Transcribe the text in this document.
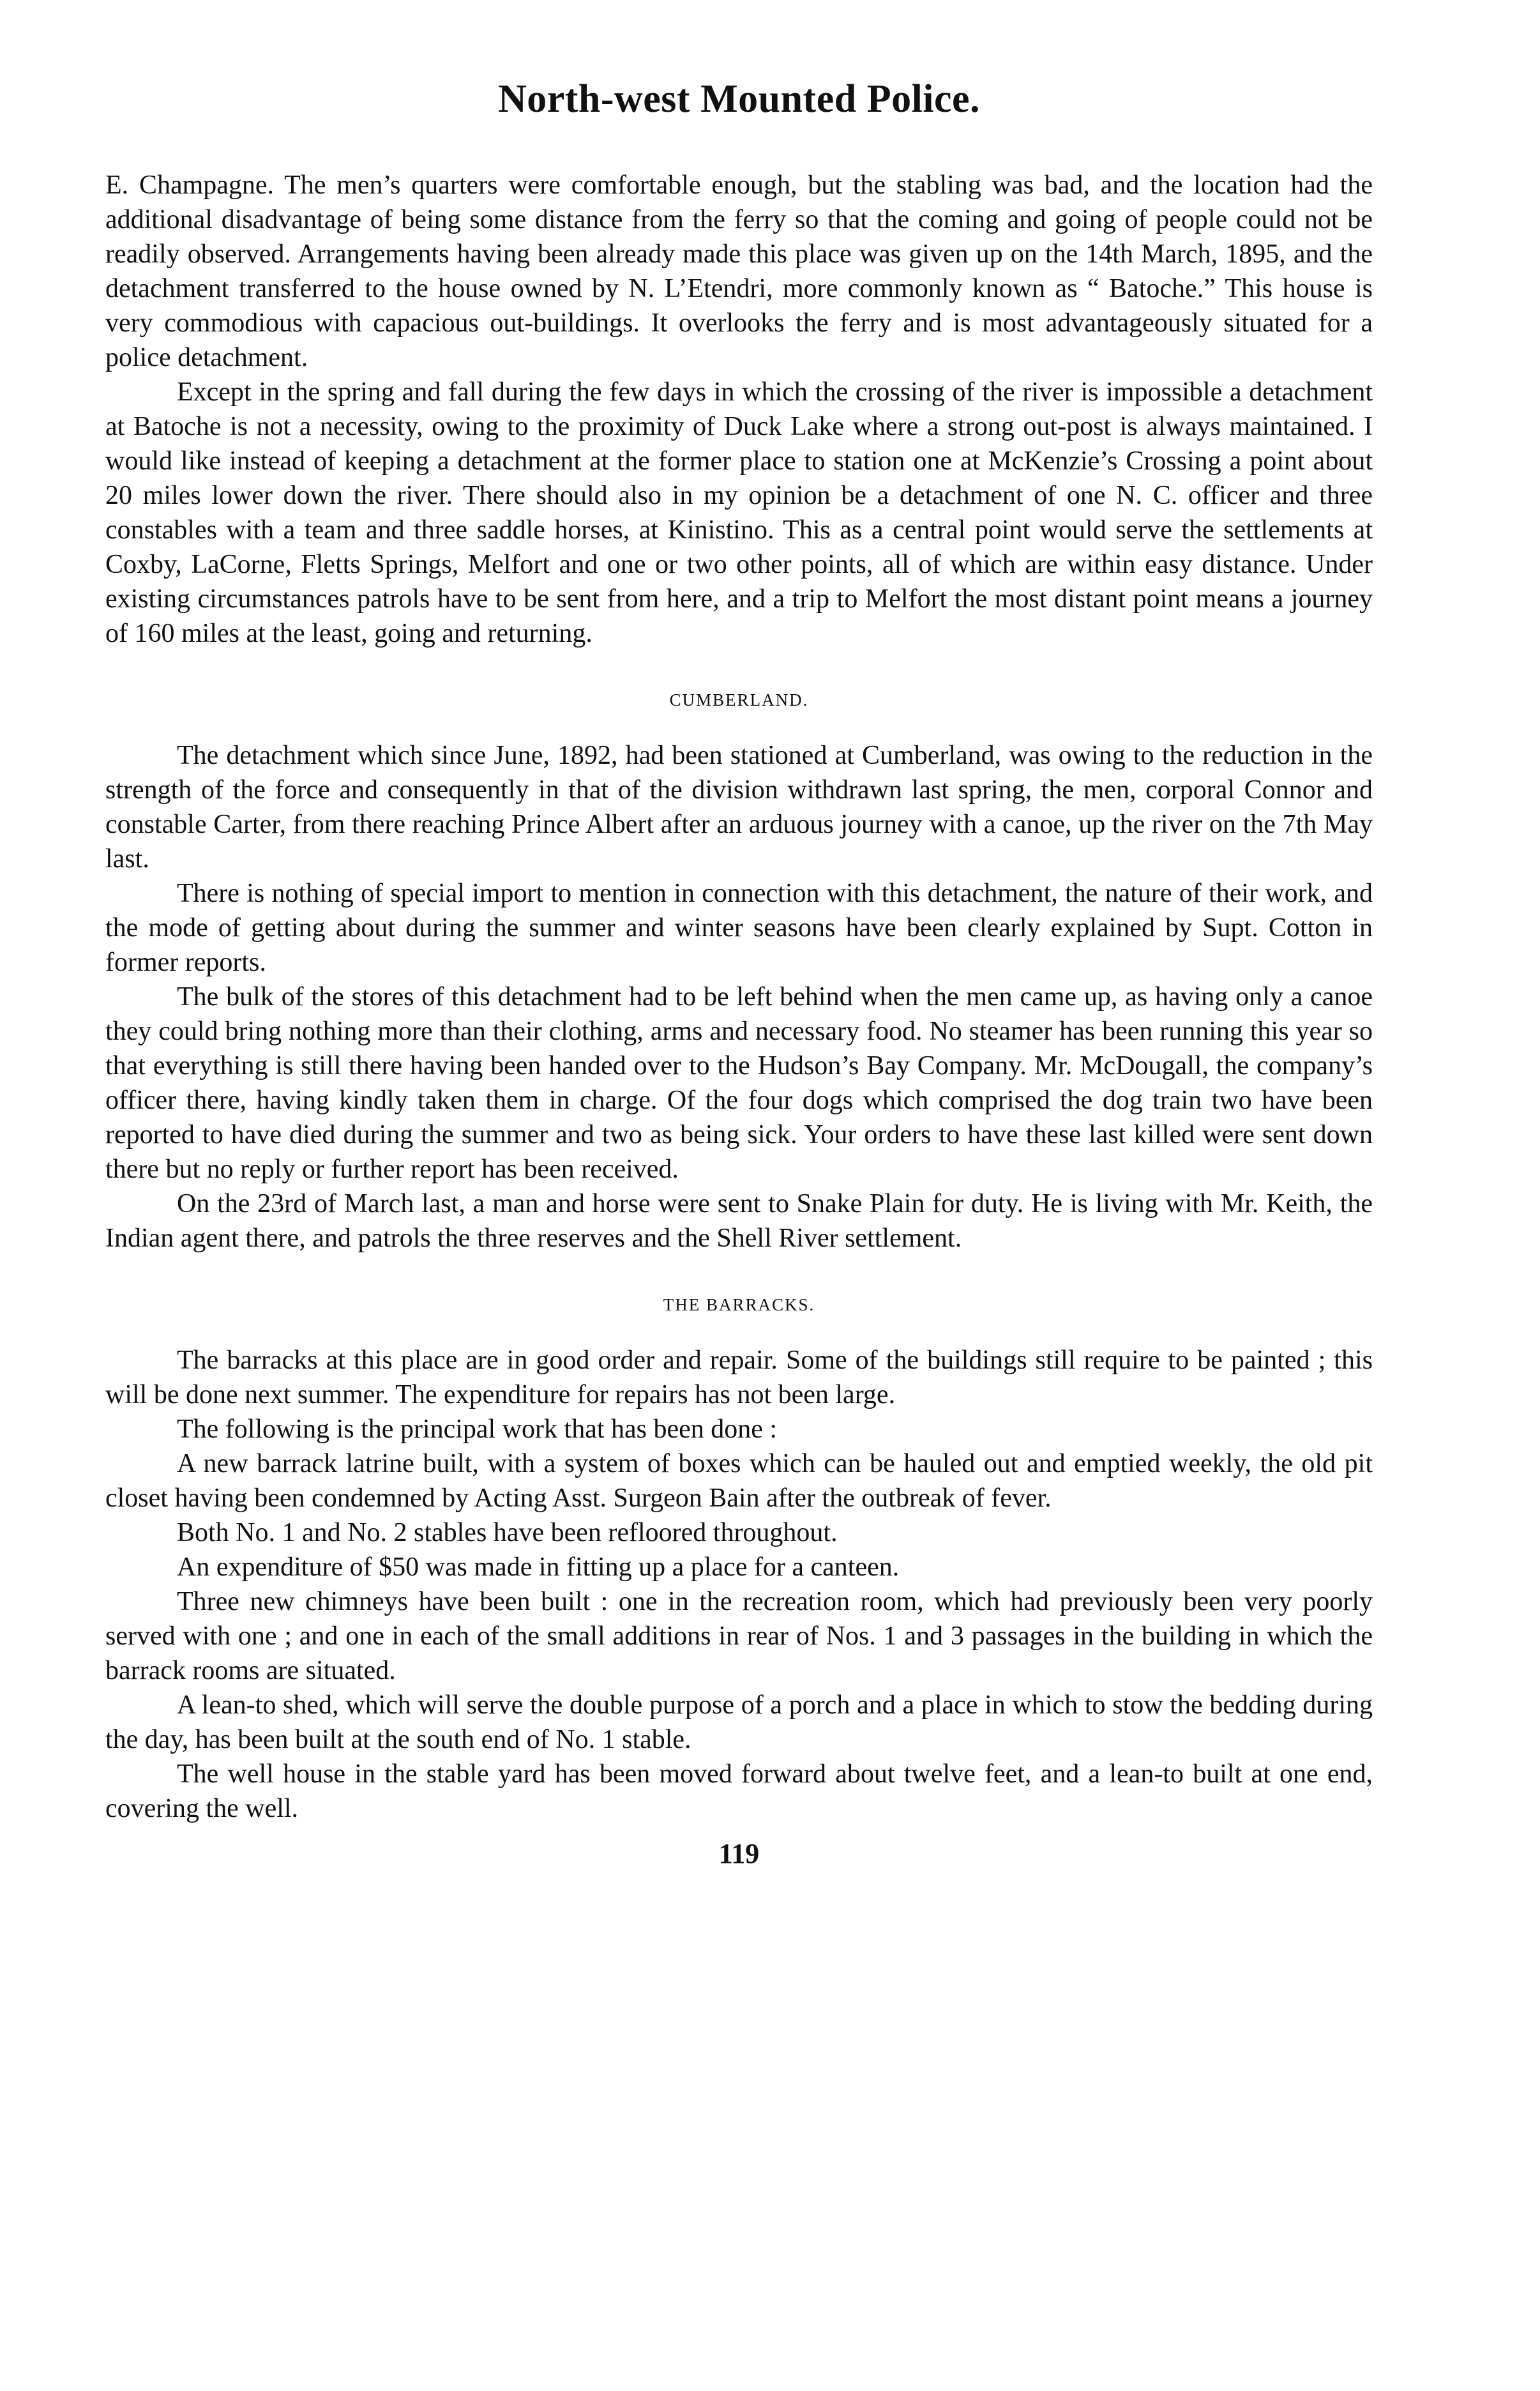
North-west Mounted Police.

E. Champagne. The men’s quarters were comfortable enough, but the stabling was bad, and the location had the additional disadvantage of being some distance from the ferry so that the coming and going of people could not be readily observed. Arrangements having been already made this place was given up on the 14th March, 1895, and the detachment transferred to the house owned by N. L’Etendri, more commonly known as “ Batoche.” This house is very commodious with capacious out-buildings. It overlooks the ferry and is most advantageously situated for a police detachment.

Except in the spring and fall during the few days in which the crossing of the river is impossible a detachment at Batoche is not a necessity, owing to the proximity of Duck Lake where a strong out-post is always maintained. I would like instead of keeping a detachment at the former place to station one at McKenzie’s Crossing a point about 20 miles lower down the river. There should also in my opinion be a detachment of one N. C. officer and three constables with a team and three saddle horses, at Kinistino. This as a central point would serve the settlements at Coxby, LaCorne, Fletts Springs, Melfort and one or two other points, all of which are within easy distance. Under existing circumstances patrols have to be sent from here, and a trip to Melfort the most distant point means a journey of 160 miles at the least, going and returning.

CUMBERLAND.

The detachment which since June, 1892, had been stationed at Cumberland, was owing to the reduction in the strength of the force and consequently in that of the division withdrawn last spring, the men, corporal Connor and constable Carter, from there reaching Prince Albert after an arduous journey with a canoe, up the river on the 7th May last.

There is nothing of special import to mention in connection with this detachment, the nature of their work, and the mode of getting about during the summer and winter seasons have been clearly explained by Supt. Cotton in former reports.

The bulk of the stores of this detachment had to be left behind when the men came up, as having only a canoe they could bring nothing more than their clothing, arms and necessary food. No steamer has been running this year so that everything is still there having been handed over to the Hudson’s Bay Company. Mr. McDougall, the company’s officer there, having kindly taken them in charge. Of the four dogs which comprised the dog train two have been reported to have died during the summer and two as being sick. Your orders to have these last killed were sent down there but no reply or further report has been received.

On the 23rd of March last, a man and horse were sent to Snake Plain for duty. He is living with Mr. Keith, the Indian agent there, and patrols the three reserves and the Shell River settlement.

THE BARRACKS.

The barracks at this place are in good order and repair. Some of the buildings still require to be painted ; this will be done next summer. The expenditure for repairs has not been large.

The following is the principal work that has been done :

A new barrack latrine built, with a system of boxes which can be hauled out and emptied weekly, the old pit closet having been condemned by Acting Asst. Surgeon Bain after the outbreak of fever.

Both No. 1 and No. 2 stables have been refloored throughout.

An expenditure of $50 was made in fitting up a place for a canteen.

Three new chimneys have been built : one in the recreation room, which had previously been very poorly served with one ; and one in each of the small additions in rear of Nos. 1 and 3 passages in the building in which the barrack rooms are situated.

A lean-to shed, which will serve the double purpose of a porch and a place in which to stow the bedding during the day, has been built at the south end of No. 1 stable.

The well house in the stable yard has been moved forward about twelve feet, and a lean-to built at one end, covering the well.

119
